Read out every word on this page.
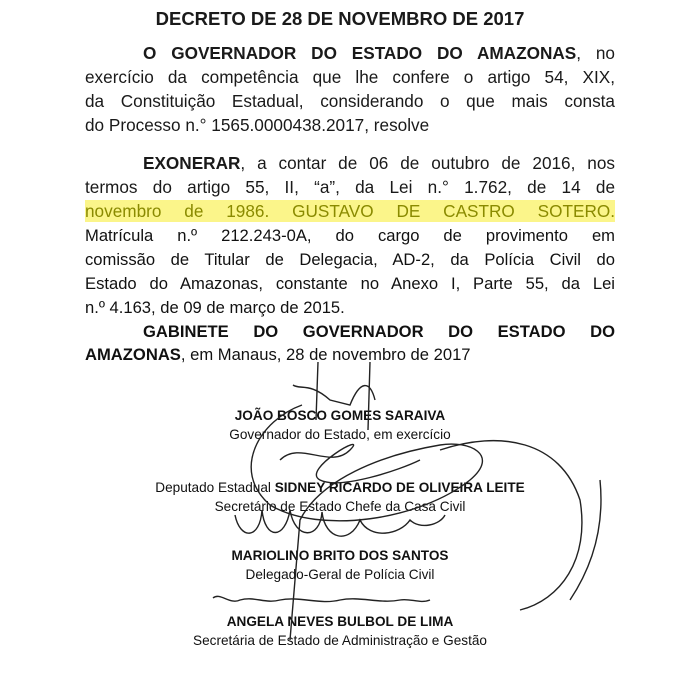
DECRETO DE 28 DE NOVEMBRO DE 2017
O GOVERNADOR DO ESTADO DO AMAZONAS, no
exercício da competência que lhe confere o artigo 54, XIX,
da Constituição Estadual, considerando o que mais consta
do Processo n.° 1565.0000438.2017, resolve
EXONERAR, a contar de 06 de outubro de 2016, nos
termos do artigo 55, II, “a”, da Lei n.° 1.762, de 14 de
novembro de 1986. GUSTAVO DE CASTRO SOTERO.
Matrícula n.º 212.243-0A, do cargo de provimento em
comissão de Titular de Delegacia, AD-2, da Polícia Civil do
Estado do Amazonas, constante no Anexo I, Parte 55, da Lei
n.º 4.163, de 09 de março de 2015.
GABINETE DO GOVERNADOR DO ESTADO DO
AMAZONAS, em Manaus, 28 de novembro de 2017
JOÃO BOSCO GOMES SARAIVA
Governador do Estado, em exercício
Deputado Estadual SIDNEY RICARDO DE OLIVEIRA LEITE
Secretário de Estado Chefe da Casa Civil
MARIOLINO BRITO DOS SANTOS
Delegado-Geral de Polícia Civil
ANGELA NEVES BULBOL DE LIMA
Secretária de Estado de Administração e Gestão
